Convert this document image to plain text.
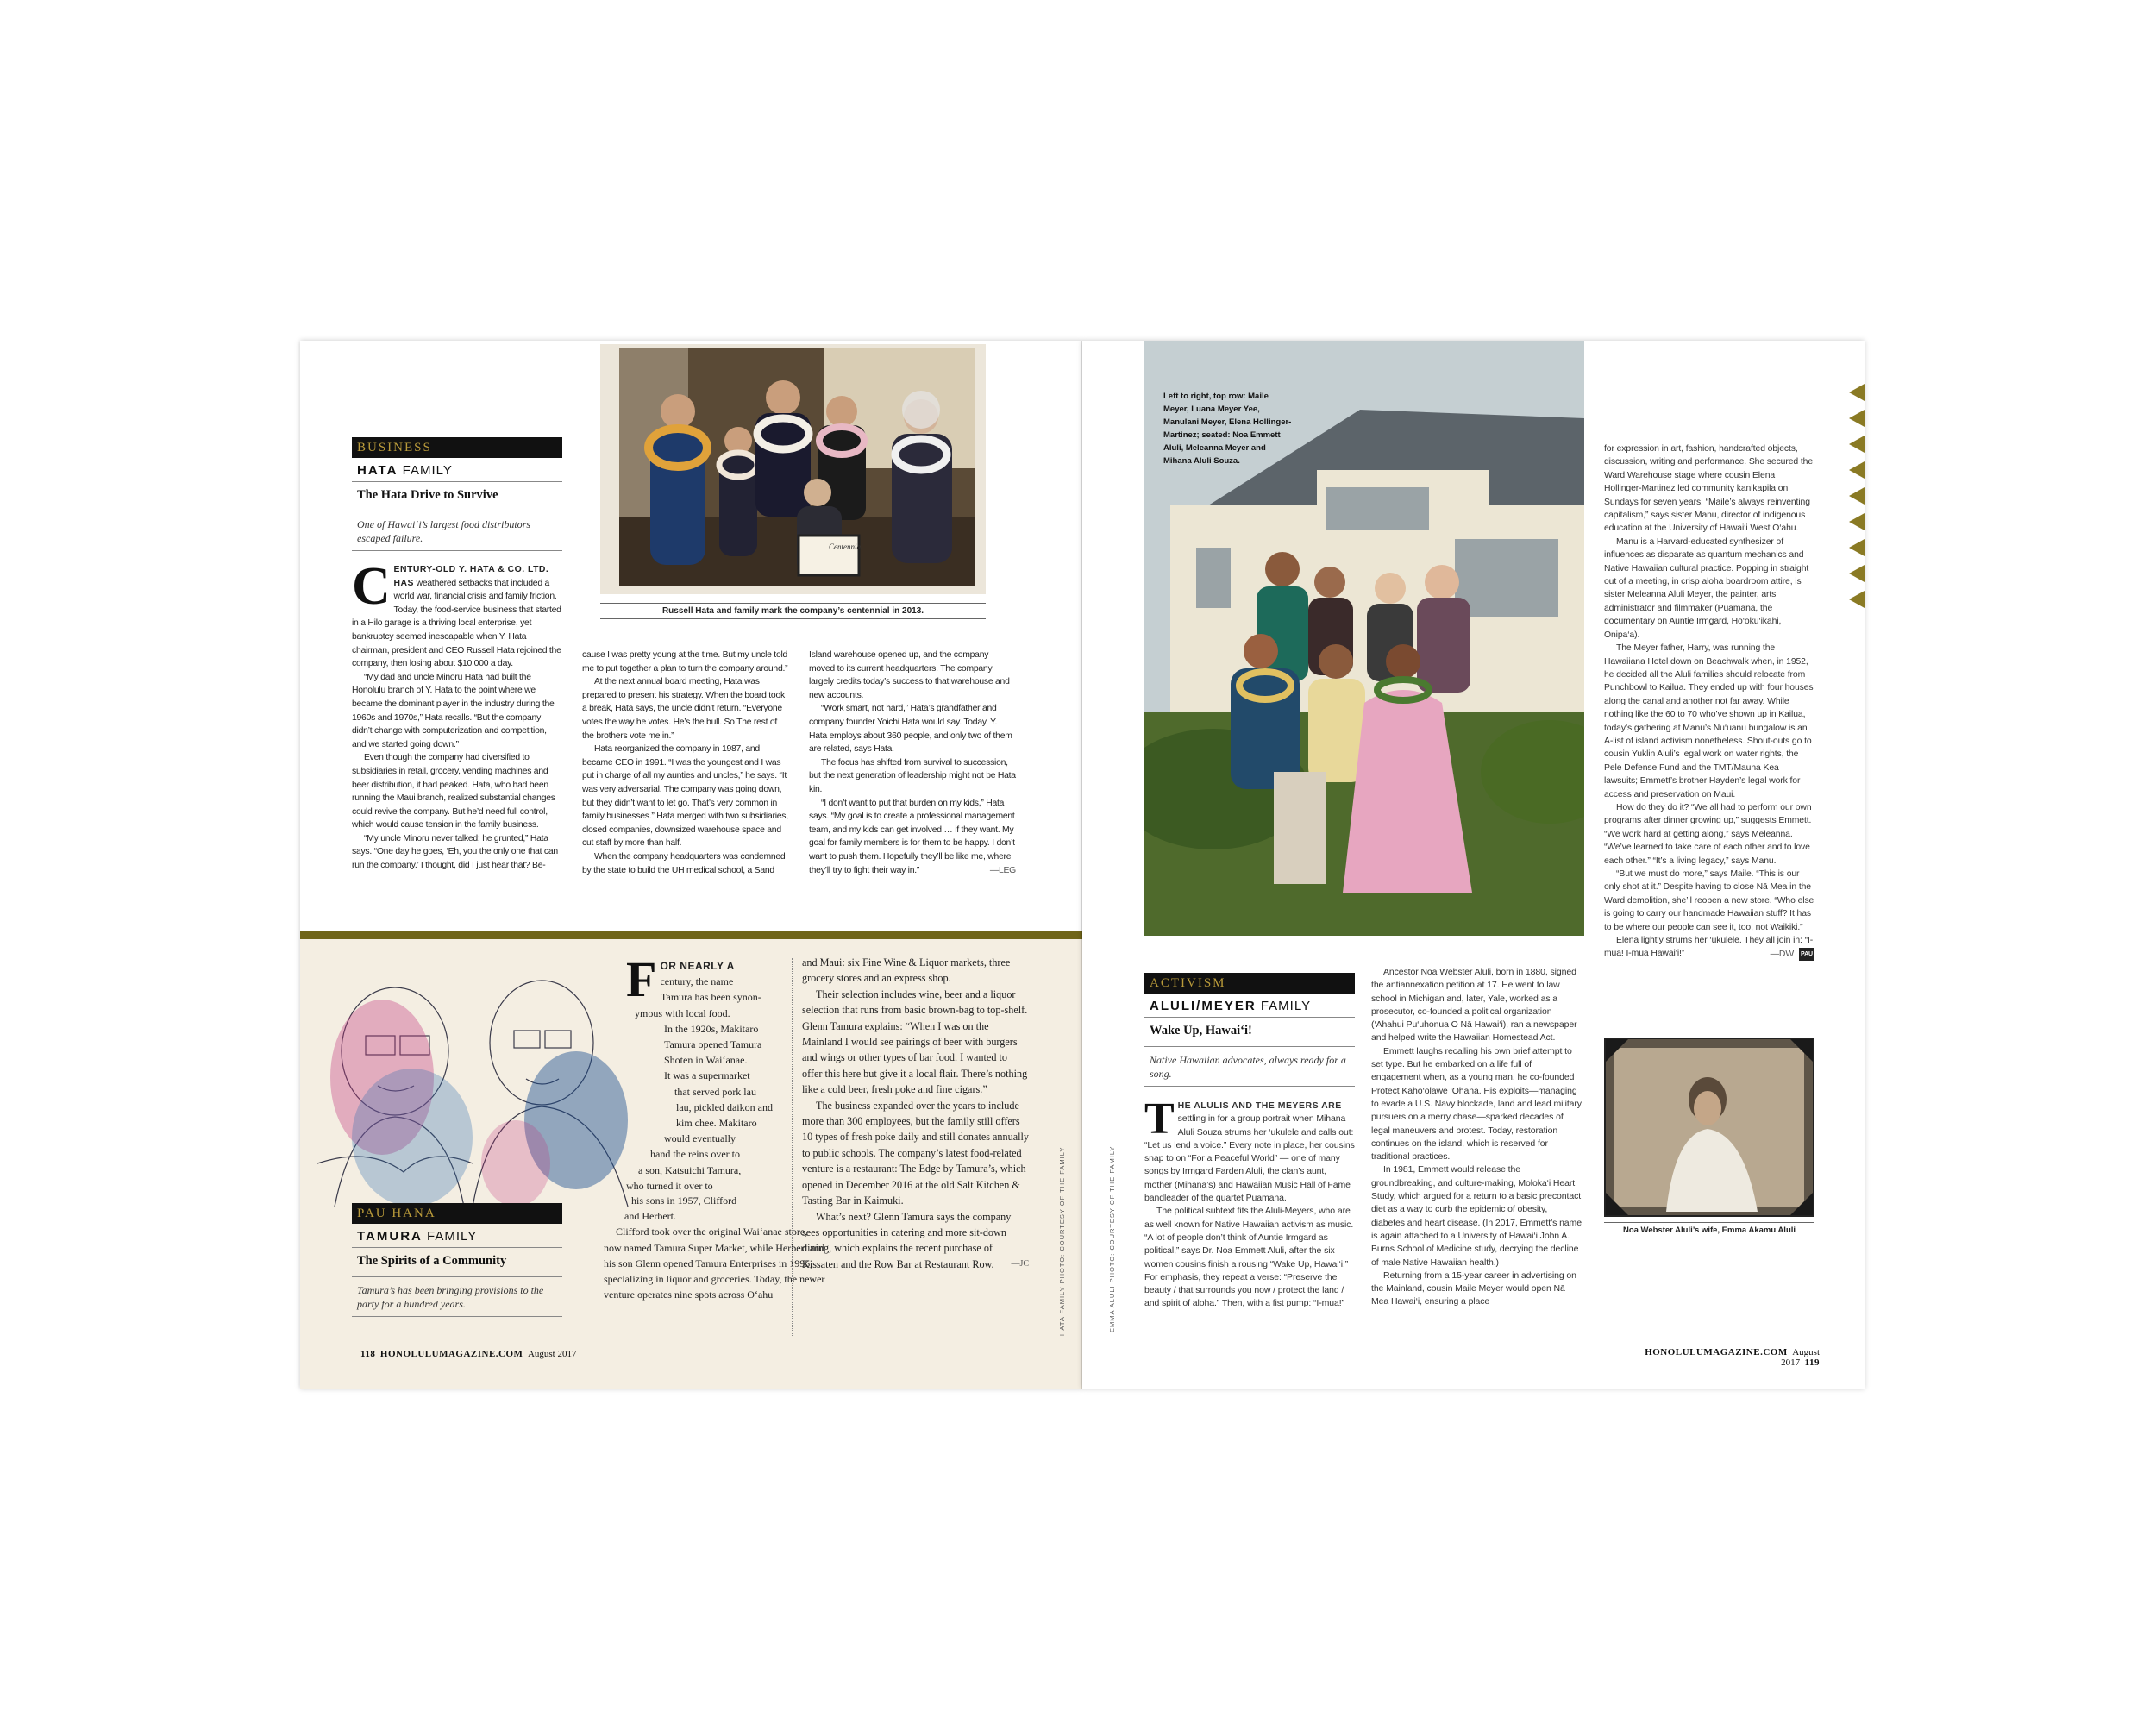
BUSINESS
HATA FAMILY
The Hata Drive to Survive
One of Hawai‘i’s largest food distributors escaped failure.
Centennial
Russell Hata and family mark the company’s centennial in 2013.
C ENTURY-OLD Y. HATA & CO. LTD. HAS weathered setbacks that included a world war, financial crisis and family friction. Today, the food-service business that started in a Hilo garage is a thriving local enterprise, yet bankruptcy seemed inescapable when Y. Hata chairman, president and CEO Russell Hata rejoined the company, then losing about $10,000 a day.

“My dad and uncle Minoru Hata had built the Honolulu branch of Y. Hata to the point where we became the dominant player in the industry during the 1960s and 1970s,” Hata recalls. “But the company didn’t change with computerization and competition, and we started going down.”

Even though the company had diversified to subsidiaries in retail, grocery, vending machines and beer distribution, it had peaked. Hata, who had been running the Maui branch, realized substantial changes could revive the company. But he’d need full control, which would cause tension in the family business.

“My uncle Minoru never talked; he grunted,” Hata says. “One day he goes, ‘Eh, you the only one that can run the company.’ I thought, did I just hear that? Be-

cause I was pretty young at the time. But my uncle told me to put together a plan to turn the company around.”

At the next annual board meeting, Hata was prepared to present his strategy. When the board took a break, Hata says, the uncle didn’t return. “Everyone votes the way he votes. He’s the bull. So The rest of the brothers vote me in.”

Hata reorganized the company in 1987, and became CEO in 1991. “I was the youngest and I was put in charge of all my aunties and uncles,” he says. “It was very adversarial. The company was going down, but they didn’t want to let go. That’s very common in family businesses.” Hata merged with two subsidiaries, closed companies, downsized warehouse space and cut staff by more than half.

When the company headquarters was condemned by the state to build the UH medical school, a Sand

Island warehouse opened up, and the company moved to its current headquarters. The company largely credits today’s success to that warehouse and new accounts.

“Work smart, not hard,” Hata’s grandfather and company founder Yoichi Hata would say. Today, Y. Hata employs about 360 people, and only two of them are related, says Hata.

The focus has shifted from survival to succession, but the next generation of leadership might not be Hata kin.

“I don’t want to put that burden on my kids,” Hata says. “My goal is to create a professional management team, and my kids can get involved … if they want. My goal for family members is for them to be happy. I don’t want to push them. Hopefully they’ll be like me, where they’ll try to fight their way in.”	—LEG
PAU HANA
TAMURA FAMILY
The Spirits of a Community
Tamura’s has been bringing provisions to the party for a hundred years.
F OR NEARLY A
century, the name
Tamura has been synon-
ymous with local food.
In the 1920s, Makitaro
Tamura opened Tamura
Shoten in Wai‘anae.
It was a supermarket
that served pork lau
lau, pickled daikon and
kim chee. Makitaro
would eventually
hand the reins over to
a son, Katsuichi Tamura,
who turned it over to
his sons in 1957, Clifford
and Herbert.

Clifford took over the original Wai‘anae store, now named Tamura Super Market, while Herbert and his son Glenn opened Tamura Enterprises in 1995, specializing in liquor and groceries. Today, the newer venture operates nine spots across O‘ahu

and Maui: six Fine Wine & Liquor markets, three grocery stores and an express shop.

Their selection includes wine, beer and a liquor selection that runs from basic brown-bag to top-shelf. Glenn Tamura explains: “When I was on the Mainland I would see pairings of beer with burgers and wings or other types of bar food. I wanted to offer this here but give it a local flair. There’s nothing like a cold beer, fresh poke and fine cigars.”

The business expanded over the years to include more than 300 employees, but the family still offers 10 types of fresh poke daily and still donates annually to public schools. The company’s latest food-related venture is a restaurant: The Edge by Tamura’s, which opened in December 2016 at the old Salt Kitchen & Tasting Bar in Kaimuki.

What’s next? Glenn Tamura says the company sees opportunities in catering and more sit-down dining, which explains the recent purchase of Kissaten and the Row Bar at Restaurant Row.	—JC	HATA FAMILY PHOTO: COURTESY OF THE FAMILY
118 HONOLULUMAGAZINE.COM August 2017
Left to right, top row: Maile Meyer, Luana Meyer Yee, Manulani Meyer, Elena Hollinger-Martinez; seated: Noa Emmett Aluli, Meleanna Meyer and Mihana Aluli Souza.
ACTIVISM
ALULI/MEYER FAMILY
Wake Up, Hawai‘i!
Native Hawaiian advocates, always ready for a song.
T HE ALULIS AND THE MEYERS ARE settling in for a group portrait when Mihana Aluli Souza strums her ‘ukulele and calls out: “Let us lend a voice.” Every note in place, her cousins snap to on “For a Peaceful World” — one of many songs by Irmgard Farden Aluli, the clan’s aunt, mother (Mihana’s) and Hawaiian Music Hall of Fame bandleader of the quartet Puamana.

The political subtext fits the Aluli-Meyers, who are as well known for Native Hawaiian activism as music. “A lot of people don’t think of Auntie Irmgard as political,” says Dr. Noa Emmett Aluli, after the six women cousins finish a rousing “Wake Up, Hawai‘i!” For emphasis, they repeat a verse: “Preserve the beauty / that surrounds you now / protect the land / and spirit of aloha.” Then, with a fist pump: “I-mua!”

Ancestor Noa Webster Aluli, born in 1880, signed the antiannexation petition at 17. He went to law school in Michigan and, later, Yale, worked as a prosecutor, co-founded a political organization (‘Ahahui Pu‘uhonua O Nā Hawai‘i), ran a newspaper and helped write the Hawaiian Homestead Act.

Emmett laughs recalling his own brief attempt to set type. But he embarked on a life full of engagement when, as a young man, he co-founded Protect Kaho‘olawe ‘Ohana. His exploits—managing to evade a U.S. Navy blockade, land and lead military pursuers on a merry chase—sparked decades of legal maneuvers and protest. Today, restoration continues on the island, which is reserved for traditional practices.

In 1981, Emmett would release the groundbreaking, and culture-making, Moloka‘i Heart Study, which argued for a return to a basic precontact diet as a way to curb the epidemic of obesity, diabetes and heart disease. (In 2017, Emmett’s name is again attached to a University of Hawai‘i John A. Burns School of Medicine study, decrying the decline of male Native Hawaiian health.)

Returning from a 15-year career in advertising on the Mainland, cousin Maile Meyer would open Nā Mea Hawai‘i, ensuring a place

for expression in art, fashion, handcrafted objects, discussion, writing and performance. She secured the Ward Warehouse stage where cousin Elena Hollinger-Martinez led community kanikapila on Sundays for seven years. “Maile’s always reinventing capitalism,” says sister Manu, director of indigenous education at the University of Hawai‘i West O‘ahu.

Manu is a Harvard-educated synthesizer of influences as disparate as quantum mechanics and Native Hawaiian cultural practice. Popping in straight out of a meeting, in crisp aloha boardroom attire, is sister Meleanna Aluli Meyer, the painter, arts administrator and filmmaker (Puamana, the documentary on Auntie Irmgard, Ho‘oku‘ikahi, Onipa‘a).

The Meyer father, Harry, was running the Hawaiiana Hotel down on Beachwalk when, in 1952, he decided all the Aluli families should relocate from Punchbowl to Kailua. They ended up with four houses along the canal and another not far away. While nothing like the 60 to 70 who’ve shown up in Kailua, today’s gathering at Manu’s Nu‘uanu bungalow is an A-list of island activism nonetheless. Shout-outs go to cousin Yuklin Aluli’s legal work on water rights, the Pele Defense Fund and the TMT/Mauna Kea lawsuits; Emmett’s brother Hayden’s legal work for access and preservation on Maui.

How do they do it? “We all had to perform our own programs after dinner growing up,” suggests Emmett. “We work hard at getting along,” says Meleanna. “We’ve learned to take care of each other and to love each other.” “It’s a living legacy,” says Manu.

“But we must do more,” says Maile. “This is our only shot at it.” Despite having to close Nā Mea in the Ward demolition, she’ll reopen a new store. “Who else is going to carry our handmade Hawaiian stuff? It has to be where our people can see it, too, not Waikiki.”

Elena lightly strums her ‘ukulele. They all join in: “I-mua! I-mua Hawai‘i!”	PAU
—DW
Noa Webster Aluli’s wife, Emma Akamu Aluli
EMMA ALULI PHOTO: COURTESY OF THE FAMILY
HONOLULUMAGAZINE.COM August 2017 119
